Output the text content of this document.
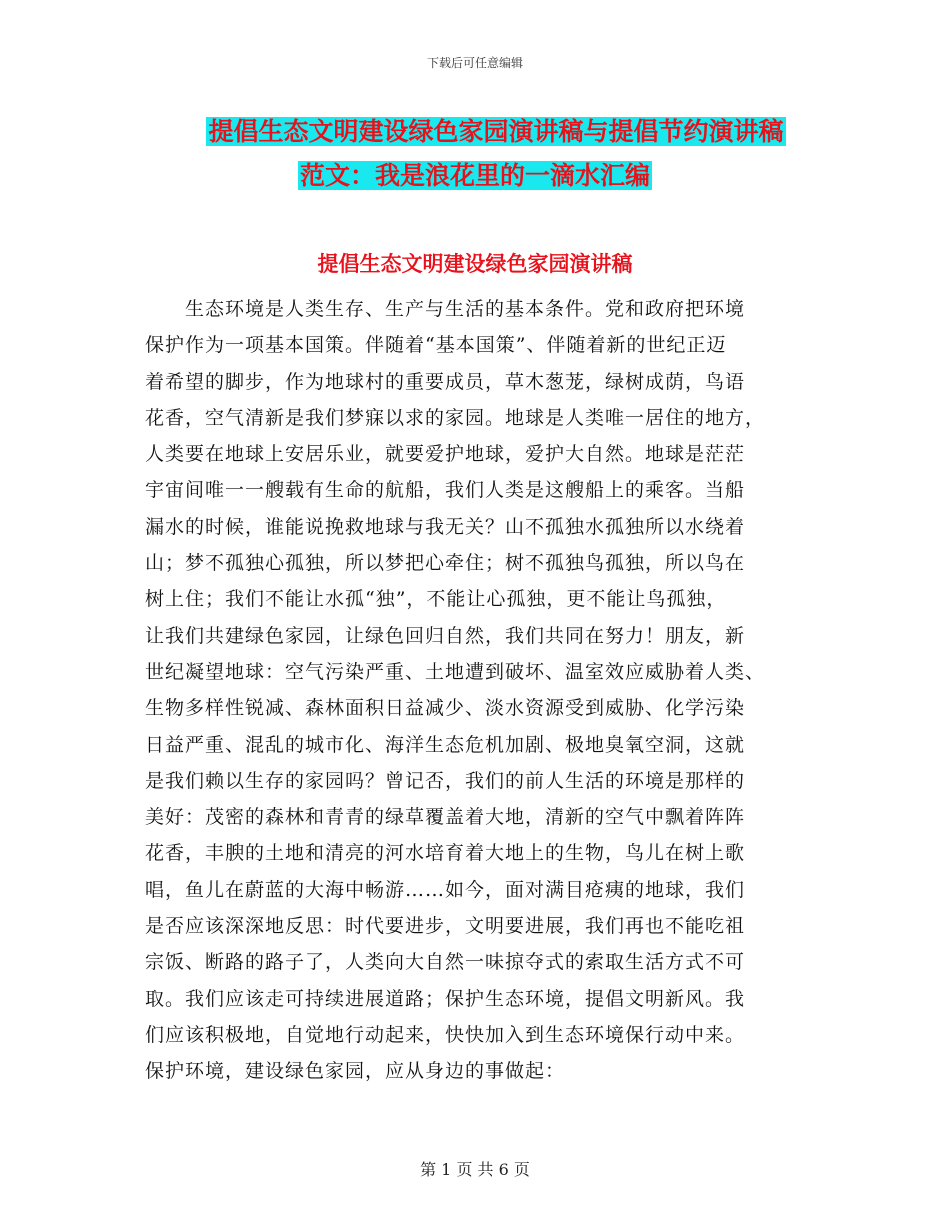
下载后可任意编辑
提倡生态文明建设绿色家园演讲稿与提倡节约演讲稿
范文：我是浪花里的一滴水汇编
提倡生态文明建设绿色家园演讲稿
　　生态环境是人类生存、生产与生活的基本条件。党和政府把环境
保护作为一项基本国策。伴随着“基本国策”、伴随着新的世纪正迈
着希望的脚步，作为地球村的重要成员，草木葱茏，绿树成荫，鸟语
花香，空气清新是我们梦寐以求的家园。地球是人类唯一居住的地方，
人类要在地球上安居乐业，就要爱护地球，爱护大自然。地球是茫茫
宇宙间唯一一艘载有生命的航船，我们人类是这艘船上的乘客。当船
漏水的时候，谁能说挽救地球与我无关？山不孤独水孤独所以水绕着
山；梦不孤独心孤独，所以梦把心牵住；树不孤独鸟孤独，所以鸟在
树上住；我们不能让水孤“独”，不能让心孤独，更不能让鸟孤独，
让我们共建绿色家园，让绿色回归自然，我们共同在努力！朋友，新
世纪凝望地球：空气污染严重、土地遭到破坏、温室效应威胁着人类、
生物多样性锐减、森林面积日益减少、淡水资源受到威胁、化学污染
日益严重、混乱的城市化、海洋生态危机加剧、极地臭氧空洞，这就
是我们赖以生存的家园吗？曾记否，我们的前人生活的环境是那样的
美好：茂密的森林和青青的绿草覆盖着大地，清新的空气中飘着阵阵
花香，丰腴的土地和清亮的河水培育着大地上的生物，鸟儿在树上歌
唱，鱼儿在蔚蓝的大海中畅游……如今，面对满目疮痍的地球，我们
是否应该深深地反思：时代要进步，文明要进展，我们再也不能吃祖
宗饭、断路的路子了，人类向大自然一味掠夺式的索取生活方式不可
取。我们应该走可持续进展道路；保护生态环境，提倡文明新风。我
们应该积极地，自觉地行动起来，快快加入到生态环境保行动中来。
保护环境，建设绿色家园，应从身边的事做起：
第 1 页 共 6 页
